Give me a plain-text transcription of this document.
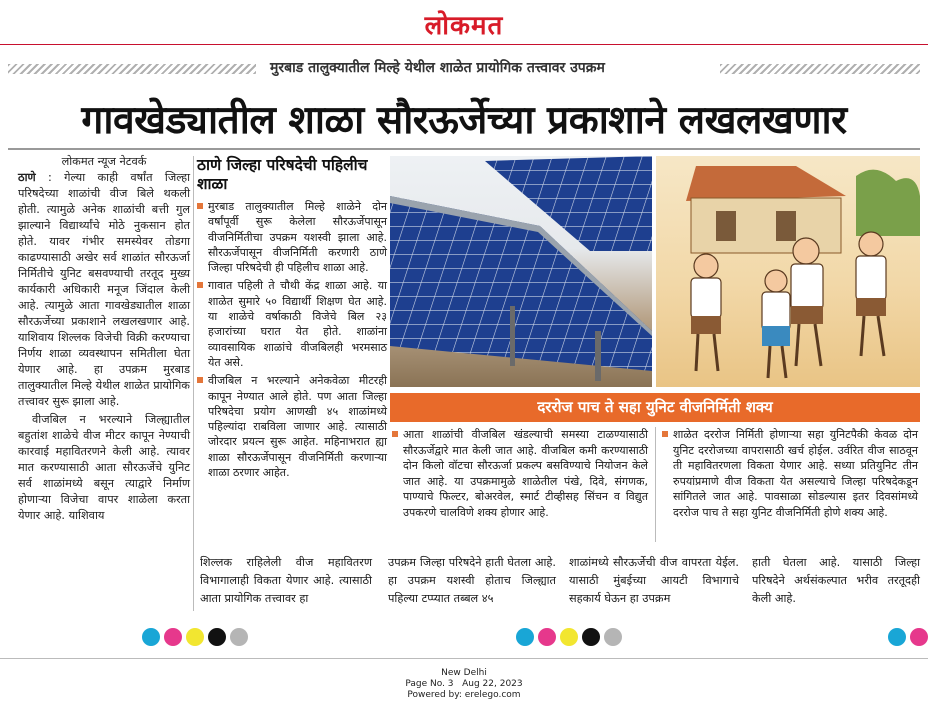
लोकमत
मुरबाड तालुक्यातील मिल्हे येथील शाळेत प्रायोगिक तत्त्वावर उपक्रम
गावखेड्यातील शाळा सौरऊर्जेच्या प्रकाशाने लखलखणार

लोकमत न्यूज नेटवर्क

ठाणे : गेल्या काही वर्षांत जिल्हा परिषदेच्या शाळांची वीज बिले थकली होती. त्यामुळे अनेक शाळांची बत्ती गुल झाल्याने विद्यार्थ्यांचे मोठे नुकसान होत होते. यावर गंभीर समस्येवर तोडगा काढण्यासाठी अखेर सर्व शाळांत सौरऊर्जा निर्मितीचे युनिट बसवण्याची तरतूद मुख्य कार्यकारी अधिकारी मनूज जिंदाल केली आहे. त्यामुळे आता गावखेड्यातील शाळा सौरऊर्जेच्या प्रकाशाने लखलखणार आहे. याशिवाय शिल्लक विजेची विक्री करण्याचा निर्णय शाळा व्यवस्थापन समितीला घेता येणार आहे. हा उपक्रम मुरबाड तालुक्यातील मिल्हे येथील शाळेत प्रायोगिक तत्त्वावर सुरू झाला आहे.

वीजबिल न भरल्याने जिल्ह्यातील बहुतांश शाळेचे वीज मीटर कापून नेण्याची कारवाई महावितरणने केली आहे. त्यावर मात करण्यासाठी आता सौरऊर्जेचे युनिट सर्व शाळांमध्ये बसून त्याद्वारे निर्माण होणाऱ्या विजेचा वापर शाळेला करता येणार आहे. याशिवाय

ठाणे जिल्हा परिषदेची पहिलीच शाळा
मुरबाड तालुक्यातील मिल्हे शाळेने दोन वर्षांपूर्वी सुरू केलेला सौरऊर्जेपासून वीजनिर्मितीचा उपक्रम यशस्वी झाला आहे. सौरऊर्जेपासून वीजनिर्मिती करणारी ठाणे जिल्हा परिषदेची ही पहिलीच शाळा आहे.
गावात पहिली ते चौथी केंद्र शाळा आहे. या शाळेत सुमारे ५० विद्यार्थी शिक्षण घेत आहे. या शाळेचे वर्षाकाठी विजेचे बिल २३ हजारांच्या घरात येत होते. शाळांना व्यावसायिक शाळांचे वीजबिलही भरमसाठ येत असे.
वीजबिल न भरल्याने अनेकवेळा मीटरही कापून नेण्यात आले होते. पण आता जिल्हा परिषदेचा प्रयोग आणखी ४५ शाळांमध्ये पहिल्यांदा राबविला जाणार आहे. त्यासाठी जोरदार प्रयत्न सुरू आहेत. महिनाभरात ह्या शाळा सौरऊर्जेपासून वीजनिर्मिती करणाऱ्या शाळा ठरणार आहेत.
दररोज पाच ते सहा युनिट वीजनिर्मिती शक्य
आता शाळांची वीजबिल खंडल्याची समस्या टाळण्यासाठी सौरऊर्जेद्वारे मात केली जात आहे. वीजबिल कमी करण्यासाठी दोन किलो वॉटचा सौरऊर्जा प्रकल्प बसविण्याचे नियोजन केले जात आहे. या उपक्रमामुळे शाळेतील पंखे, दिवे, संगणक, पाण्याचे फिल्टर, बोअरवेल, स्मार्ट टीव्हीसह सिंचन व विद्युत उपकरणे चालविणे शक्य होणार आहे.
शाळेत दररोज निर्मिती होणाऱ्या सहा युनिटपैकी केवळ दोन युनिट दररोजच्या वापरासाठी खर्च होईल. उर्वरित वीज साठवून ती महावितरणला विकता येणार आहे. सध्या प्रतियुनिट तीन रुपयांप्रमाणे वीज विकता येत असल्याचे जिल्हा परिषदेकडून सांगितले जात आहे. पावसाळा सोडल्यास इतर दिवसांमध्ये दररोज पाच ते सहा युनिट वीजनिर्मिती होणे शक्य आहे.
शिल्लक राहिलेली वीज महावितरण विभागालाही विकता येणार आहे. त्यासाठी आता प्रायोगिक तत्त्वावर हा
उपक्रम जिल्हा परिषदेने हाती घेतला आहे. हा उपक्रम यशस्वी होताच जिल्ह्यात पहिल्या टप्प्यात तब्बल ४५
शाळांमध्ये सौरऊर्जेची वीज वापरता येईल. यासाठी मुंबईच्या आयटी विभागाचे सहकार्य घेऊन हा उपक्रम
हाती घेतला आहे. यासाठी जिल्हा परिषदेने अर्थसंकल्पात भरीव तरतूदही केली आहे.
New Delhi
Page No. 3 Aug 22, 2023
Powered by: erelego.com
